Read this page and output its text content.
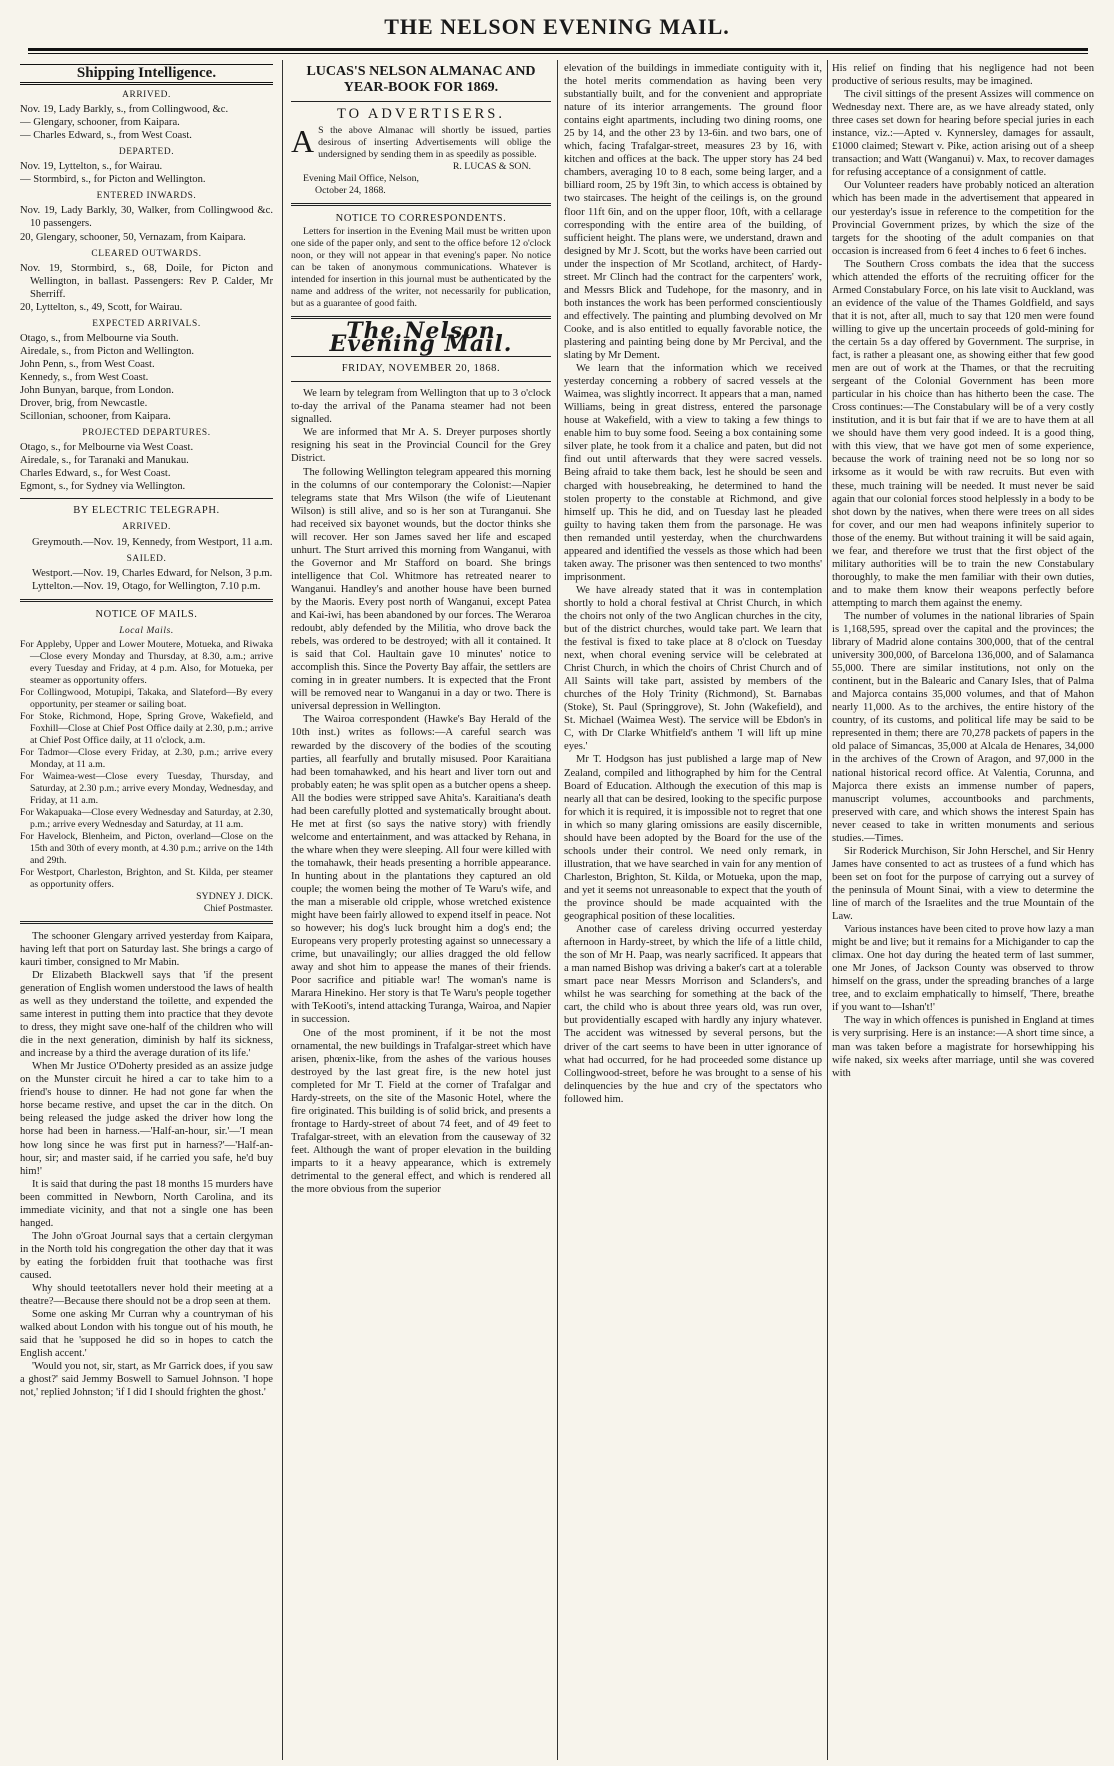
THE NELSON EVENING MAIL.
Shipping Intelligence.
ARRIVED.
Nov. 19, Lady Barkly, s., from Collingwood, &c.
— Glengary, schooner, from Kaipara.
— Charles Edward, s., from West Coast.
DEPARTED.
Nov. 19, Lyttelton, s., for Wairau.
— Stormbird, s., for Picton and Wellington.
ENTERED INWARDS.
Nov. 19, Lady Barkly, 30, Walker, from Collingwood &c. 10 passengers.
20, Glengary, schooner, 50, Vernazam, from Kaipara.
CLEARED OUTWARDS.
Nov. 19, Stormbird, s., 68, Doile, for Picton and Wellington, in ballast. Passengers: Rev P. Calder, Mr Sherriff.
20, Lyttelton, s., 49, Scott, for Wairau.
EXPECTED ARRIVALS.
Otago, s., from Melbourne via South.
Airedale, s., from Picton and Wellington.
John Penn, s., from West Coast.
Kennedy, s., from West Coast.
John Bunyan, barque, from London.
Drover, brig, from Newcastle.
Scillonian, schooner, from Kaipara.
PROJECTED DEPARTURES.
Otago, s., for Melbourne via West Coast.
Airedale, s., for Taranaki and Manukau.
Charles Edward, s., for West Coast.
Egmont, s., for Sydney via Wellington.
BY ELECTRIC TELEGRAPH.
ARRIVED.

Greymouth.—Nov. 19, Kennedy, from Westport, 11 a.m.

SAILED.

Westport.—Nov. 19, Charles Edward, for Nelson, 3 p.m.

Lyttelton.—Nov. 19, Otago, for Wellington, 7.10 p.m.

NOTICE OF MAILS.
Local Mails.
For Appleby, Upper and Lower Moutere, Motueka, and Riwaka—Close every Monday and Thursday, at 8.30, a.m.; arrive every Tuesday and Friday, at 4 p.m. Also, for Motueka, per steamer as opportunity offers.
For Collingwood, Motupipi, Takaka, and Slateford—By every opportunity, per steamer or sailing boat.
For Stoke, Richmond, Hope, Spring Grove, Wakefield, and Foxhill—Close at Chief Post Office daily at 2.30, p.m.; arrive at Chief Post Office daily, at 11 o'clock, a.m.
For Tadmor—Close every Friday, at 2.30, p.m.; arrive every Monday, at 11 a.m.
For Waimea-west—Close every Tuesday, Thursday, and Saturday, at 2.30 p.m.; arrive every Monday, Wednesday, and Friday, at 11 a.m.
For Wakapuaka—Close every Wednesday and Saturday, at 2.30, p.m.; arrive every Wednesday and Saturday, at 11 a.m.
For Havelock, Blenheim, and Picton, overland—Close on the 15th and 30th of every month, at 4.30 p.m.; arrive on the 14th and 29th.
For Westport, Charleston, Brighton, and St. Kilda, per steamer as opportunity offers.
SYDNEY J. DICK.
Chief Postmaster.

The schooner Glengary arrived yesterday from Kaipara, having left that port on Saturday last. She brings a cargo of kauri timber, consigned to Mr Mabin.

Dr Elizabeth Blackwell says that 'if the present generation of English women understood the laws of health as well as they understand the toilette, and expended the same interest in putting them into practice that they devote to dress, they might save one-half of the children who will die in the next generation, diminish by half its sickness, and increase by a third the average duration of its life.'

When Mr Justice O'Doherty presided as an assize judge on the Munster circuit he hired a car to take him to a friend's house to dinner. He had not gone far when the horse became restive, and upset the car in the ditch. On being released the judge asked the driver how long the horse had been in harness.—'Half-an-hour, sir.'—'I mean how long since he was first put in harness?'—'Half-an-hour, sir; and master said, if he carried you safe, he'd buy him!'

It is said that during the past 18 months 15 murders have been committed in Newborn, North Carolina, and its immediate vicinity, and that not a single one has been hanged.

The John o'Groat Journal says that a certain clergyman in the North told his congregation the other day that it was by eating the forbidden fruit that toothache was first caused.

Why should teetotallers never hold their meeting at a theatre?—Because there should not be a drop seen at them.

Some one asking Mr Curran why a countryman of his walked about London with his tongue out of his mouth, he said that he 'supposed he did so in hopes to catch the English accent.'

'Would you not, sir, start, as Mr Garrick does, if you saw a ghost?' said Jemmy Boswell to Samuel Johnson. 'I hope not,' replied Johnston; 'if I did I should frighten the ghost.'

LUCAS'S NELSON ALMANAC AND YEAR-BOOK FOR 1869.
TO ADVERTISERS.
A S the above Almanac will shortly be issued, parties desirous of inserting Advertisements will oblige the undersigned by sending them in as speedily as possible.
R. LUCAS & SON.
Evening Mail Office, Nelson,
October 24, 1868.
NOTICE TO CORRESPONDENTS.

Letters for insertion in the Evening Mail must be written upon one side of the paper only, and sent to the office before 12 o'clock noon, or they will not appear in that evening's paper. No notice can be taken of anonymous communications. Whatever is intended for insertion in this journal must be authenticated by the name and address of the writer, not necessarily for publication, but as a guarantee of good faith.

The Nelson Evening Mail.
FRIDAY, NOVEMBER 20, 1868.

We learn by telegram from Wellington that up to 3 o'clock to-day the arrival of the Panama steamer had not been signalled.

We are informed that Mr A. S. Dreyer purposes shortly resigning his seat in the Provincial Council for the Grey District.

The following Wellington telegram appeared this morning in the columns of our contemporary the Colonist:—Napier telegrams state that Mrs Wilson (the wife of Lieutenant Wilson) is still alive, and so is her son at Turanganui. She had received six bayonet wounds, but the doctor thinks she will recover. Her son James saved her life and escaped unhurt. The Sturt arrived this morning from Wanganui, with the Governor and Mr Stafford on board. She brings intelligence that Col. Whitmore has retreated nearer to Wanganui. Handley's and another house have been burned by the Maoris. Every post north of Wanganui, except Patea and Kai-iwi, has been abandoned by our forces. The Weraroa redoubt, ably defended by the Militia, who drove back the rebels, was ordered to be destroyed; with all it contained. It is said that Col. Haultain gave 10 minutes' notice to accomplish this. Since the Poverty Bay affair, the settlers are coming in in greater numbers. It is expected that the Front will be removed near to Wanganui in a day or two. There is universal depression in Wellington.

The Wairoa correspondent (Hawke's Bay Herald of the 10th inst.) writes as follows:—A careful search was rewarded by the discovery of the bodies of the scouting parties, all fearfully and brutally misused. Poor Karaitiana had been tomahawked, and his heart and liver torn out and probably eaten; he was split open as a butcher opens a sheep. All the bodies were stripped save Ahita's. Karaitiana's death had been carefully plotted and systematically brought about. He met at first (so says the native story) with friendly welcome and entertainment, and was attacked by Rehana, in the whare when they were sleeping. All four were killed with the tomahawk, their heads presenting a horrible appearance. In hunting about in the plantations they captured an old couple; the women being the mother of Te Waru's wife, and the man a miserable old cripple, whose wretched existence might have been fairly allowed to expend itself in peace. Not so however; his dog's luck brought him a dog's end; the Europeans very properly protesting against so unnecessary a crime, but unavailingly; our allies dragged the old fellow away and shot him to appease the manes of their friends. Poor sacrifice and pitiable war! The woman's name is Marara Hinekino. Her story is that Te Waru's people together with TeKooti's, intend attacking Turanga, Wairoa, and Napier in succession.

One of the most prominent, if it be not the most ornamental, the new buildings in Trafalgar-street which have arisen, phœnix-like, from the ashes of the various houses destroyed by the last great fire, is the new hotel just completed for Mr T. Field at the corner of Trafalgar and Hardy-streets, on the site of the Masonic Hotel, where the fire originated. This building is of solid brick, and presents a frontage to Hardy-street of about 74 feet, and of 49 feet to Trafalgar-street, with an elevation from the causeway of 32 feet. Although the want of proper elevation in the building imparts to it a heavy appearance, which is extremely detrimental to the general effect, and which is rendered all the more obvious from the superior

elevation of the buildings in immediate contiguity with it, the hotel merits commendation as having been very substantially built, and for the convenient and appropriate nature of its interior arrangements. The ground floor contains eight apartments, including two dining rooms, one 25 by 14, and the other 23 by 13-6in. and two bars, one of which, facing Trafalgar-street, measures 23 by 16, with kitchen and offices at the back. The upper story has 24 bed chambers, averaging 10 to 8 each, some being larger, and a billiard room, 25 by 19ft 3in, to which access is obtained by two staircases. The height of the ceilings is, on the ground floor 11ft 6in, and on the upper floor, 10ft, with a cellarage corresponding with the entire area of the building, of sufficient height. The plans were, we understand, drawn and designed by Mr J. Scott, but the works have been carried out under the inspection of Mr Scotland, architect, of Hardy-street. Mr Clinch had the contract for the carpenters' work, and Messrs Blick and Tudehope, for the masonry, and in both instances the work has been performed conscientiously and effectively. The painting and plumbing devolved on Mr Cooke, and is also entitled to equally favorable notice, the plastering and painting being done by Mr Percival, and the slating by Mr Dement.

We learn that the information which we received yesterday concerning a robbery of sacred vessels at the Waimea, was slightly incorrect. It appears that a man, named Williams, being in great distress, entered the parsonage house at Wakefield, with a view to taking a few things to enable him to buy some food. Seeing a box containing some silver plate, he took from it a chalice and paten, but did not find out until afterwards that they were sacred vessels. Being afraid to take them back, lest he should be seen and charged with housebreaking, he determined to hand the stolen property to the constable at Richmond, and give himself up. This he did, and on Tuesday last he pleaded guilty to having taken them from the parsonage. He was then remanded until yesterday, when the churchwardens appeared and identified the vessels as those which had been taken away. The prisoner was then sentenced to two months' imprisonment.

We have already stated that it was in contemplation shortly to hold a choral festival at Christ Church, in which the choirs not only of the two Anglican churches in the city, but of the district churches, would take part. We learn that the festival is fixed to take place at 8 o'clock on Tuesday next, when choral evening service will be celebrated at Christ Church, in which the choirs of Christ Church and of All Saints will take part, assisted by members of the churches of the Holy Trinity (Richmond), St. Barnabas (Stoke), St. Paul (Springgrove), St. John (Wakefield), and St. Michael (Waimea West). The service will be Ebdon's in C, with Dr Clarke Whitfield's anthem 'I will lift up mine eyes.'

Mr T. Hodgson has just published a large map of New Zealand, compiled and lithographed by him for the Central Board of Education. Although the execution of this map is nearly all that can be desired, looking to the specific purpose for which it is required, it is impossible not to regret that one in which so many glaring omissions are easily discernible, should have been adopted by the Board for the use of the schools under their control. We need only remark, in illustration, that we have searched in vain for any mention of Charleston, Brighton, St. Kilda, or Motueka, upon the map, and yet it seems not unreasonable to expect that the youth of the province should be made acquainted with the geographical position of these localities.

Another case of careless driving occurred yesterday afternoon in Hardy-street, by which the life of a little child, the son of Mr H. Paap, was nearly sacrificed. It appears that a man named Bishop was driving a baker's cart at a tolerable smart pace near Messrs Morrison and Sclanders's, and whilst he was searching for something at the back of the cart, the child who is about three years old, was run over, but providentially escaped with hardly any injury whatever. The accident was witnessed by several persons, but the driver of the cart seems to have been in utter ignorance of what had occurred, for he had proceeded some distance up Collingwood-street, before he was brought to a sense of his delinquencies by the hue and cry of the spectators who followed him.

His relief on finding that his negligence had not been productive of serious results, may be imagined.

The civil sittings of the present Assizes will commence on Wednesday next. There are, as we have already stated, only three cases set down for hearing before special juries in each instance, viz.:—Apted v. Kynnersley, damages for assault, £1000 claimed; Stewart v. Pike, action arising out of a sheep transaction; and Watt (Wanganui) v. Max, to recover damages for refusing acceptance of a consignment of cattle.

Our Volunteer readers have probably noticed an alteration which has been made in the advertisement that appeared in our yesterday's issue in reference to the competition for the Provincial Government prizes, by which the size of the targets for the shooting of the adult companies on that occasion is increased from 6 feet 4 inches to 6 feet 6 inches.

The Southern Cross combats the idea that the success which attended the efforts of the recruiting officer for the Armed Constabulary Force, on his late visit to Auckland, was an evidence of the value of the Thames Goldfield, and says that it is not, after all, much to say that 120 men were found willing to give up the uncertain proceeds of gold-mining for the certain 5s a day offered by Government. The surprise, in fact, is rather a pleasant one, as showing either that few good men are out of work at the Thames, or that the recruiting sergeant of the Colonial Government has been more particular in his choice than has hitherto been the case. The Cross continues:—The Constabulary will be of a very costly institution, and it is but fair that if we are to have them at all we should have them very good indeed. It is a good thing, with this view, that we have got men of some experience, because the work of training need not be so long nor so irksome as it would be with raw recruits. But even with these, much training will be needed. It must never be said again that our colonial forces stood helplessly in a body to be shot down by the natives, when there were trees on all sides for cover, and our men had weapons infinitely superior to those of the enemy. But without training it will be said again, we fear, and therefore we trust that the first object of the military authorities will be to train the new Constabulary thoroughly, to make the men familiar with their own duties, and to make them know their weapons perfectly before attempting to march them against the enemy.

The number of volumes in the national libraries of Spain is 1,168,595, spread over the capital and the provinces; the library of Madrid alone contains 300,000, that of the central university 300,000, of Barcelona 136,000, and of Salamanca 55,000. There are similar institutions, not only on the continent, but in the Balearic and Canary Isles, that of Palma and Majorca contains 35,000 volumes, and that of Mahon nearly 11,000. As to the archives, the entire history of the country, of its customs, and political life may be said to be represented in them; there are 70,278 packets of papers in the old palace of Simancas, 35,000 at Alcala de Henares, 34,000 in the archives of the Crown of Aragon, and 97,000 in the national historical record office. At Valentia, Corunna, and Majorca there exists an immense number of papers, manuscript volumes, accountbooks and parchments, preserved with care, and which shows the interest Spain has never ceased to take in written monuments and serious studies.—Times.

Sir Roderick Murchison, Sir John Herschel, and Sir Henry James have consented to act as trustees of a fund which has been set on foot for the purpose of carrying out a survey of the peninsula of Mount Sinai, with a view to determine the line of march of the Israelites and the true Mountain of the Law.

Various instances have been cited to prove how lazy a man might be and live; but it remains for a Michigander to cap the climax. One hot day during the heated term of last summer, one Mr Jones, of Jackson County was observed to throw himself on the grass, under the spreading branches of a large tree, and to exclaim emphatically to himself, 'There, breathe if you want to—Ishan't!'

The way in which offences is punished in England at times is very surprising. Here is an instance:—A short time since, a man was taken before a magistrate for horsewhipping his wife naked, six weeks after marriage, until she was covered with
